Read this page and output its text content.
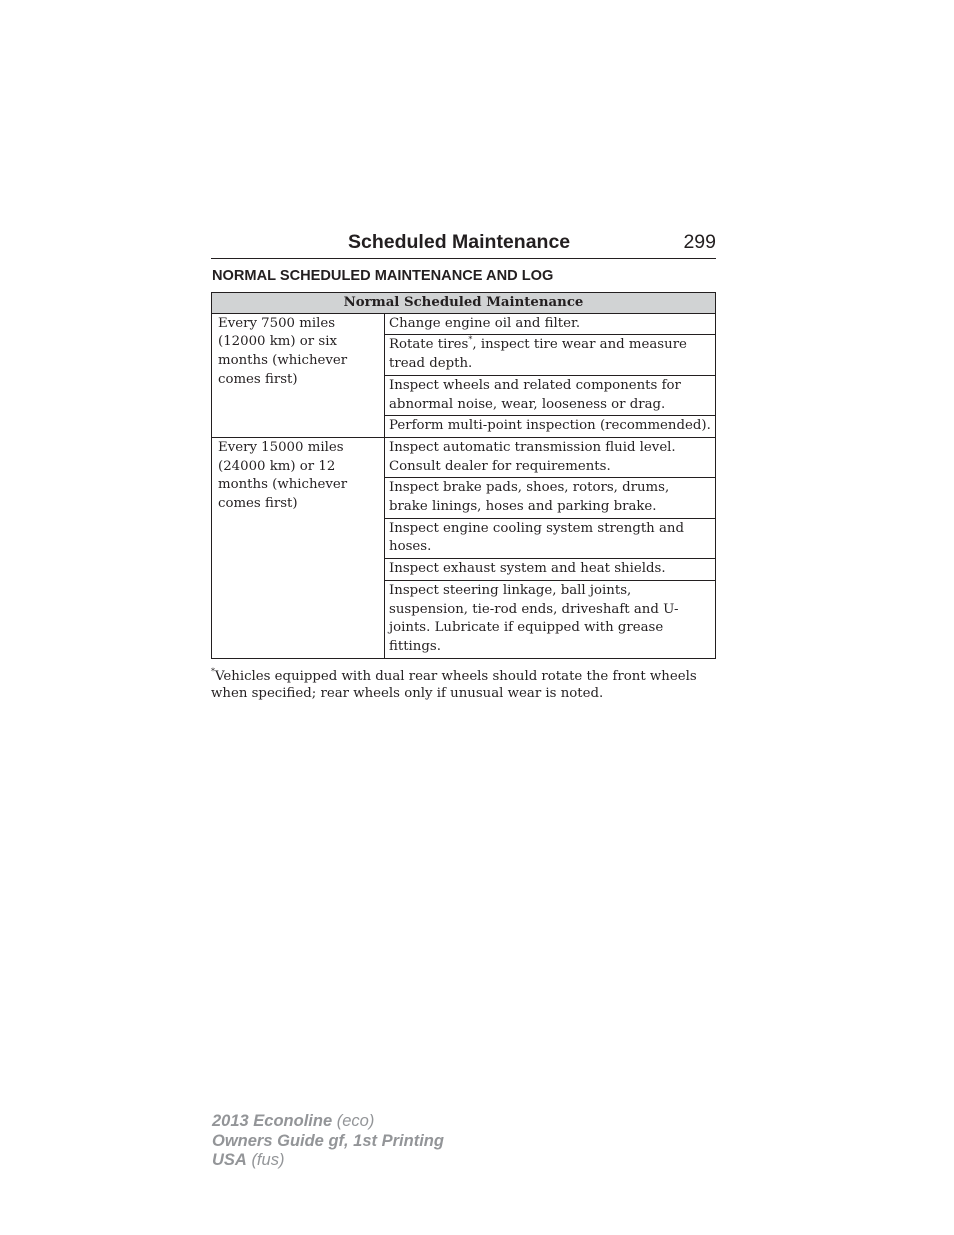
Scheduled Maintenance	299
NORMAL SCHEDULED MAINTENANCE AND LOG
Normal Scheduled Maintenance	
Every 7500 miles (12000 km) or six months (whichever comes first)	Change engine oil and filter.
	Rotate tires*, inspect tire wear and measure tread depth.
	Inspect wheels and related components for abnormal noise, wear, looseness or drag.
	Perform multi-point inspection (recommended).
Every 15000 miles (24000 km) or 12 months (whichever comes first)	Inspect automatic transmission fluid level. Consult dealer for requirements.
	Inspect brake pads, shoes, rotors, drums, brake linings, hoses and parking brake.
	Inspect engine cooling system strength and hoses.
	Inspect exhaust system and heat shields.
	Inspect steering linkage, ball joints, suspension, tie-rod ends, driveshaft and U-joints. Lubricate if equipped with grease fittings.
*Vehicles equipped with dual rear wheels should rotate the front wheels when specified; rear wheels only if unusual wear is noted.
2013 Econoline (eco)
Owners Guide gf, 1st Printing
USA (fus)
